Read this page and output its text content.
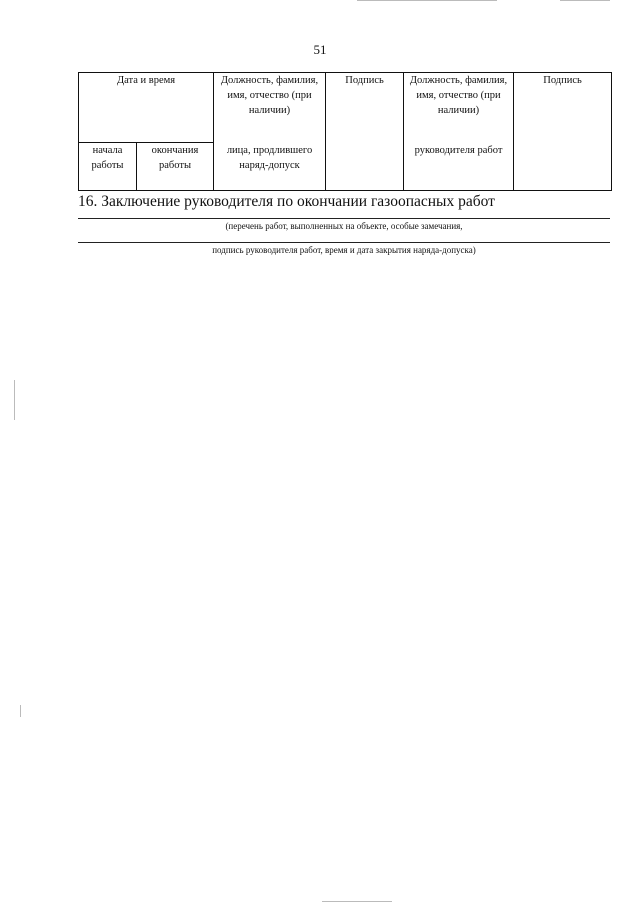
51
Дата и время		Должность, фамилия, имя, отчество (при наличии)	Подпись	Должность, фамилия, имя, отчество (при наличии)	Подпись
начала работы	окончания работы	лица, продлившего наряд-допуск		руководителя работ	
16. Заключение руководителя по окончании газоопасных работ
(перечень работ, выполненных на объекте, особые замечания,
подпись руководителя работ, время и дата закрытия наряда-допуска)
